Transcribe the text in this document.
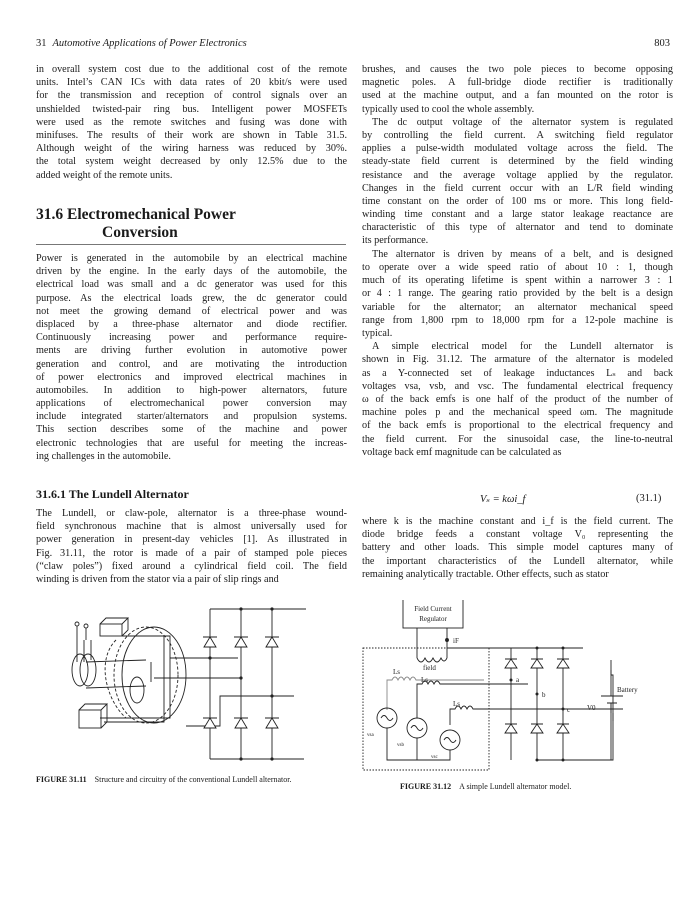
31 Automotive Applications of Power Electronics	803
in overall system cost due to the additional cost of the remote
units. Intel’s CAN ICs with data rates of 20 kbit/s were used
for the transmission and reception of control signals over an
unshielded twisted-pair ring bus. Intelligent power MOSFETs
were used as the remote switches and fusing was done with
minifuses. The results of their work are shown in Table 31.5.
Although weight of the wiring harness was reduced by 30%.
the total system weight decreased by only 12.5% due to the
added weight of the remote units.
31.6 Electromechanical Power
Conversion
Power is generated in the automobile by an electrical machine
driven by the engine. In the early days of the automobile, the
electrical load was small and a dc generator was used for this
purpose. As the electrical loads grew, the dc generator could
not meet the growing demand of electrical power and was
displaced by a three-phase alternator and diode rectifier.
Continuously increasing power and performance require-
ments are driving further evolution in automotive power
generation and control, and are motivating the introduction
of power electronics and improved electrical machines in
automobiles. In addition to high-power alternators, future
applications of electromechanical power conversion may
include integrated starter/alternators and propulsion systems.
This section describes some of the machine and power
electronic technologies that are useful for meeting the increas-
ing challenges in the automobile.
31.6.1 The Lundell Alternator
The Lundell, or claw-pole, alternator is a three-phase wound-
field synchronous machine that is almost universally used for
power generation in present-day vehicles [1]. As illustrated in
Fig. 31.11, the rotor is made of a pair of stamped pole pieces
(“claw poles”) fixed around a cylindrical field coil. The field
winding is driven from the stator via a pair of slip rings and
FIGURE 31.11 Structure and circuitry of the conventional Lundell alternator.
brushes, and causes the two pole pieces to become opposing
magnetic poles. A full-bridge diode rectifier is traditionally
used at the machine output, and a fan mounted on the rotor is
typically used to cool the whole assembly.
The dc output voltage of the alternator system is regulated
by controlling the field current. A switching field regulator
applies a pulse-width modulated voltage across the field. The
steady-state field current is determined by the field winding
resistance and the average voltage applied by the regulator.
Changes in the field current occur with an L/R field winding
time constant on the order of 100 ms or more. This long field-
winding time constant and a large stator leakage reactance are
characteristic of this type of alternator and tend to dominate
its performance.
The alternator is driven by means of a belt, and is designed
to operate over a wide speed ratio of about 10 : 1, though
much of its operating lifetime is spent within a narrower 3 : 1
or 4 : 1 range. The gearing ratio provided by the belt is a design
variable for the alternator; an alternator mechanical speed
range from 1,800 rpm to 18,000 rpm for a 12-pole machine is
typical.
A simple electrical model for the Lundell alternator is
shown in Fig. 31.12. The armature of the alternator is modeled
as a Y-connected set of leakage inductances Lₛ and back
voltages vsa, vsb, and vsc. The fundamental electrical frequency
ω of the back emfs is one half of the product of the number of
machine poles p and the mechanical speed ωm. The magnitude
of the back emfs is proportional to the electrical frequency and
the field current. For the sinusoidal case, the line-to-neutral
voltage back emf magnitude can be calculated as
Vₛ = kωi_f	(31.1)
where k is the machine constant and i_f is the field current. The
diode bridge feeds a constant voltage V₀ representing the
battery and other loads. This simple model captures many of
the important characteristics of the Lundell alternator, while
remaining analytically tractable. Other effects, such as stator
Field Current
Regulator
iF
field
Ls
Ls
Ls
vsa
vsb
vsc
a
b
c
Battery
V0
FIGURE 31.12 A simple Lundell alternator model.
